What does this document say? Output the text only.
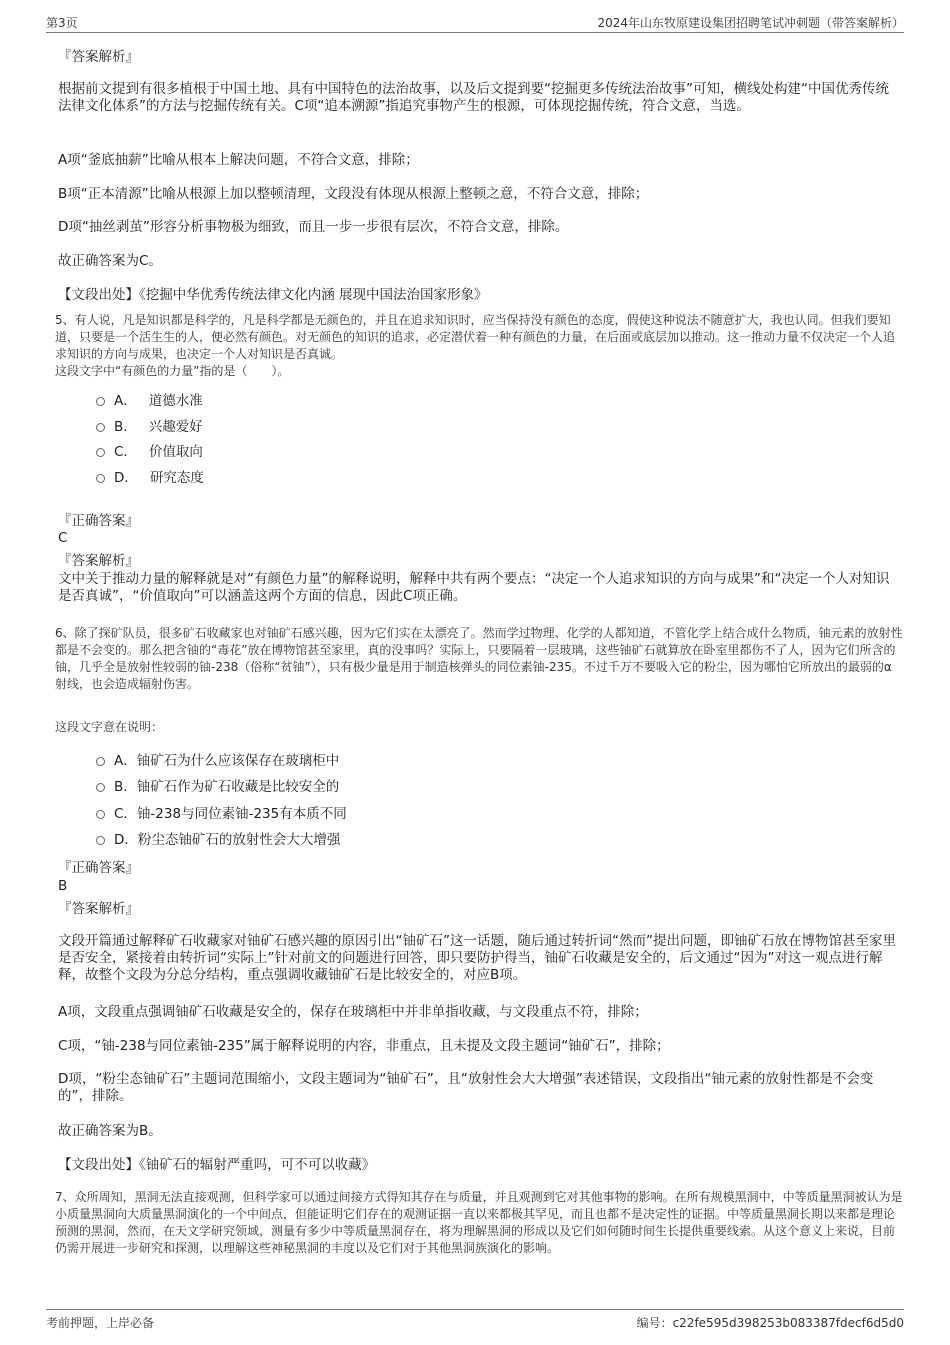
第3页	2024年山东牧原建设集团招聘笔试冲刺题（带答案解析）
『答案解析』
根据前文提到有很多植根于中国土地、具有中国特色的法治故事，以及后文提到要“挖掘更多传统法治故事”可知，横线处构建“中国优秀传统法律文化体系”的方法与挖掘传统有关。C项“追本溯源”指追究事物产生的根源，可体现挖掘传统，符合文意，当选。
A项“釜底抽薪”比喻从根本上解决问题，不符合文意，排除；
B项“正本清源”比喻从根源上加以整顿清理，文段没有体现从根源上整顿之意，不符合文意，排除；
D项“抽丝剥茧”形容分析事物极为细致，而且一步一步很有层次，不符合文意，排除。
故正确答案为C。
【文段出处】《挖掘中华优秀传统法律文化内涵 展现中国法治国家形象》
5、有人说，凡是知识都是科学的，凡是科学都是无颜色的，并且在追求知识时，应当保持没有颜色的态度，假使这种说法不随意扩大，我也认同。但我们要知道，只要是一个活生生的人，便必然有颜色。对无颜色的知识的追求，必定潜伏着一种有颜色的力量，在后面或底层加以推动。这一推动力量不仅决定一个人追求知识的方向与成果，也决定一个人对知识是否真诚。
这段文字中“有颜色的力量”指的是（　　）。
A． 道德水准
B． 兴趣爱好
C． 价值取向
D． 研究态度
『正确答案』
C
『答案解析』
文中关于推动力量的解释就是对“有颜色力量”的解释说明，解释中共有两个要点：“决定一个人追求知识的方向与成果”和“决定一个人对知识是否真诚”，“价值取向”可以涵盖这两个方面的信息，因此C项正确。
6、除了探矿队员，很多矿石收藏家也对铀矿石感兴趣，因为它们实在太漂亮了。然而学过物理、化学的人都知道，不管化学上结合成什么物质，铀元素的放射性都是不会变的。那么把含铀的“毒花”放在博物馆甚至家里，真的没事吗？实际上，只要隔着一层玻璃，这些铀矿石就算放在卧室里都伤不了人，因为它们所含的铀，几乎全是放射性较弱的铀-238（俗称“贫铀”），只有极少量是用于制造核弹头的同位素铀-235。不过千万不要吸入它的粉尘，因为哪怕它所放出的最弱的α射线，也会造成辐射伤害。
这段文字意在说明：
A．铀矿石为什么应该保存在玻璃柜中
B．铀矿石作为矿石收藏是比较安全的
C．铀-238与同位素铀-235有本质不同
D．粉尘态铀矿石的放射性会大大增强
『正确答案』
B
『答案解析』
文段开篇通过解释矿石收藏家对铀矿石感兴趣的原因引出“铀矿石”这一话题，随后通过转折词“然而”提出问题，即铀矿石放在博物馆甚至家里是否安全，紧接着由转折词“实际上”针对前文的问题进行回答，即只要防护得当，铀矿石收藏是安全的，后文通过“因为”对这一观点进行解释，故整个文段为分总分结构，重点强调收藏铀矿石是比较安全的，对应B项。
A项，文段重点强调铀矿石收藏是安全的，保存在玻璃柜中并非单指收藏，与文段重点不符，排除；
C项，“铀-238与同位素铀-235”属于解释说明的内容，非重点，且未提及文段主题词“铀矿石”，排除；
D项，“粉尘态铀矿石”主题词范围缩小，文段主题词为“铀矿石”，且“放射性会大大增强”表述错误，文段指出“铀元素的放射性都是不会变的”，排除。
故正确答案为B。
【文段出处】《铀矿石的辐射严重吗，可不可以收藏》
7、众所周知，黑洞无法直接观测，但科学家可以通过间接方式得知其存在与质量，并且观测到它对其他事物的影响。在所有规模黑洞中，中等质量黑洞被认为是小质量黑洞向大质量黑洞演化的一个中间点，但能证明它们存在的观测证据一直以来都极其罕见，而且也都不是决定性的证据。中等质量黑洞长期以来都是理论预测的黑洞，然而，在天文学研究领域，测量有多少中等质量黑洞存在，将为理解黑洞的形成以及它们如何随时间生长提供重要线索。从这个意义上来说，目前仍需开展进一步研究和探测，以理解这些神秘黑洞的丰度以及它们对于其他黑洞族演化的影响。
考前押题，上岸必备	编号：c22fe595d398253b083387fdecf6d5d0
